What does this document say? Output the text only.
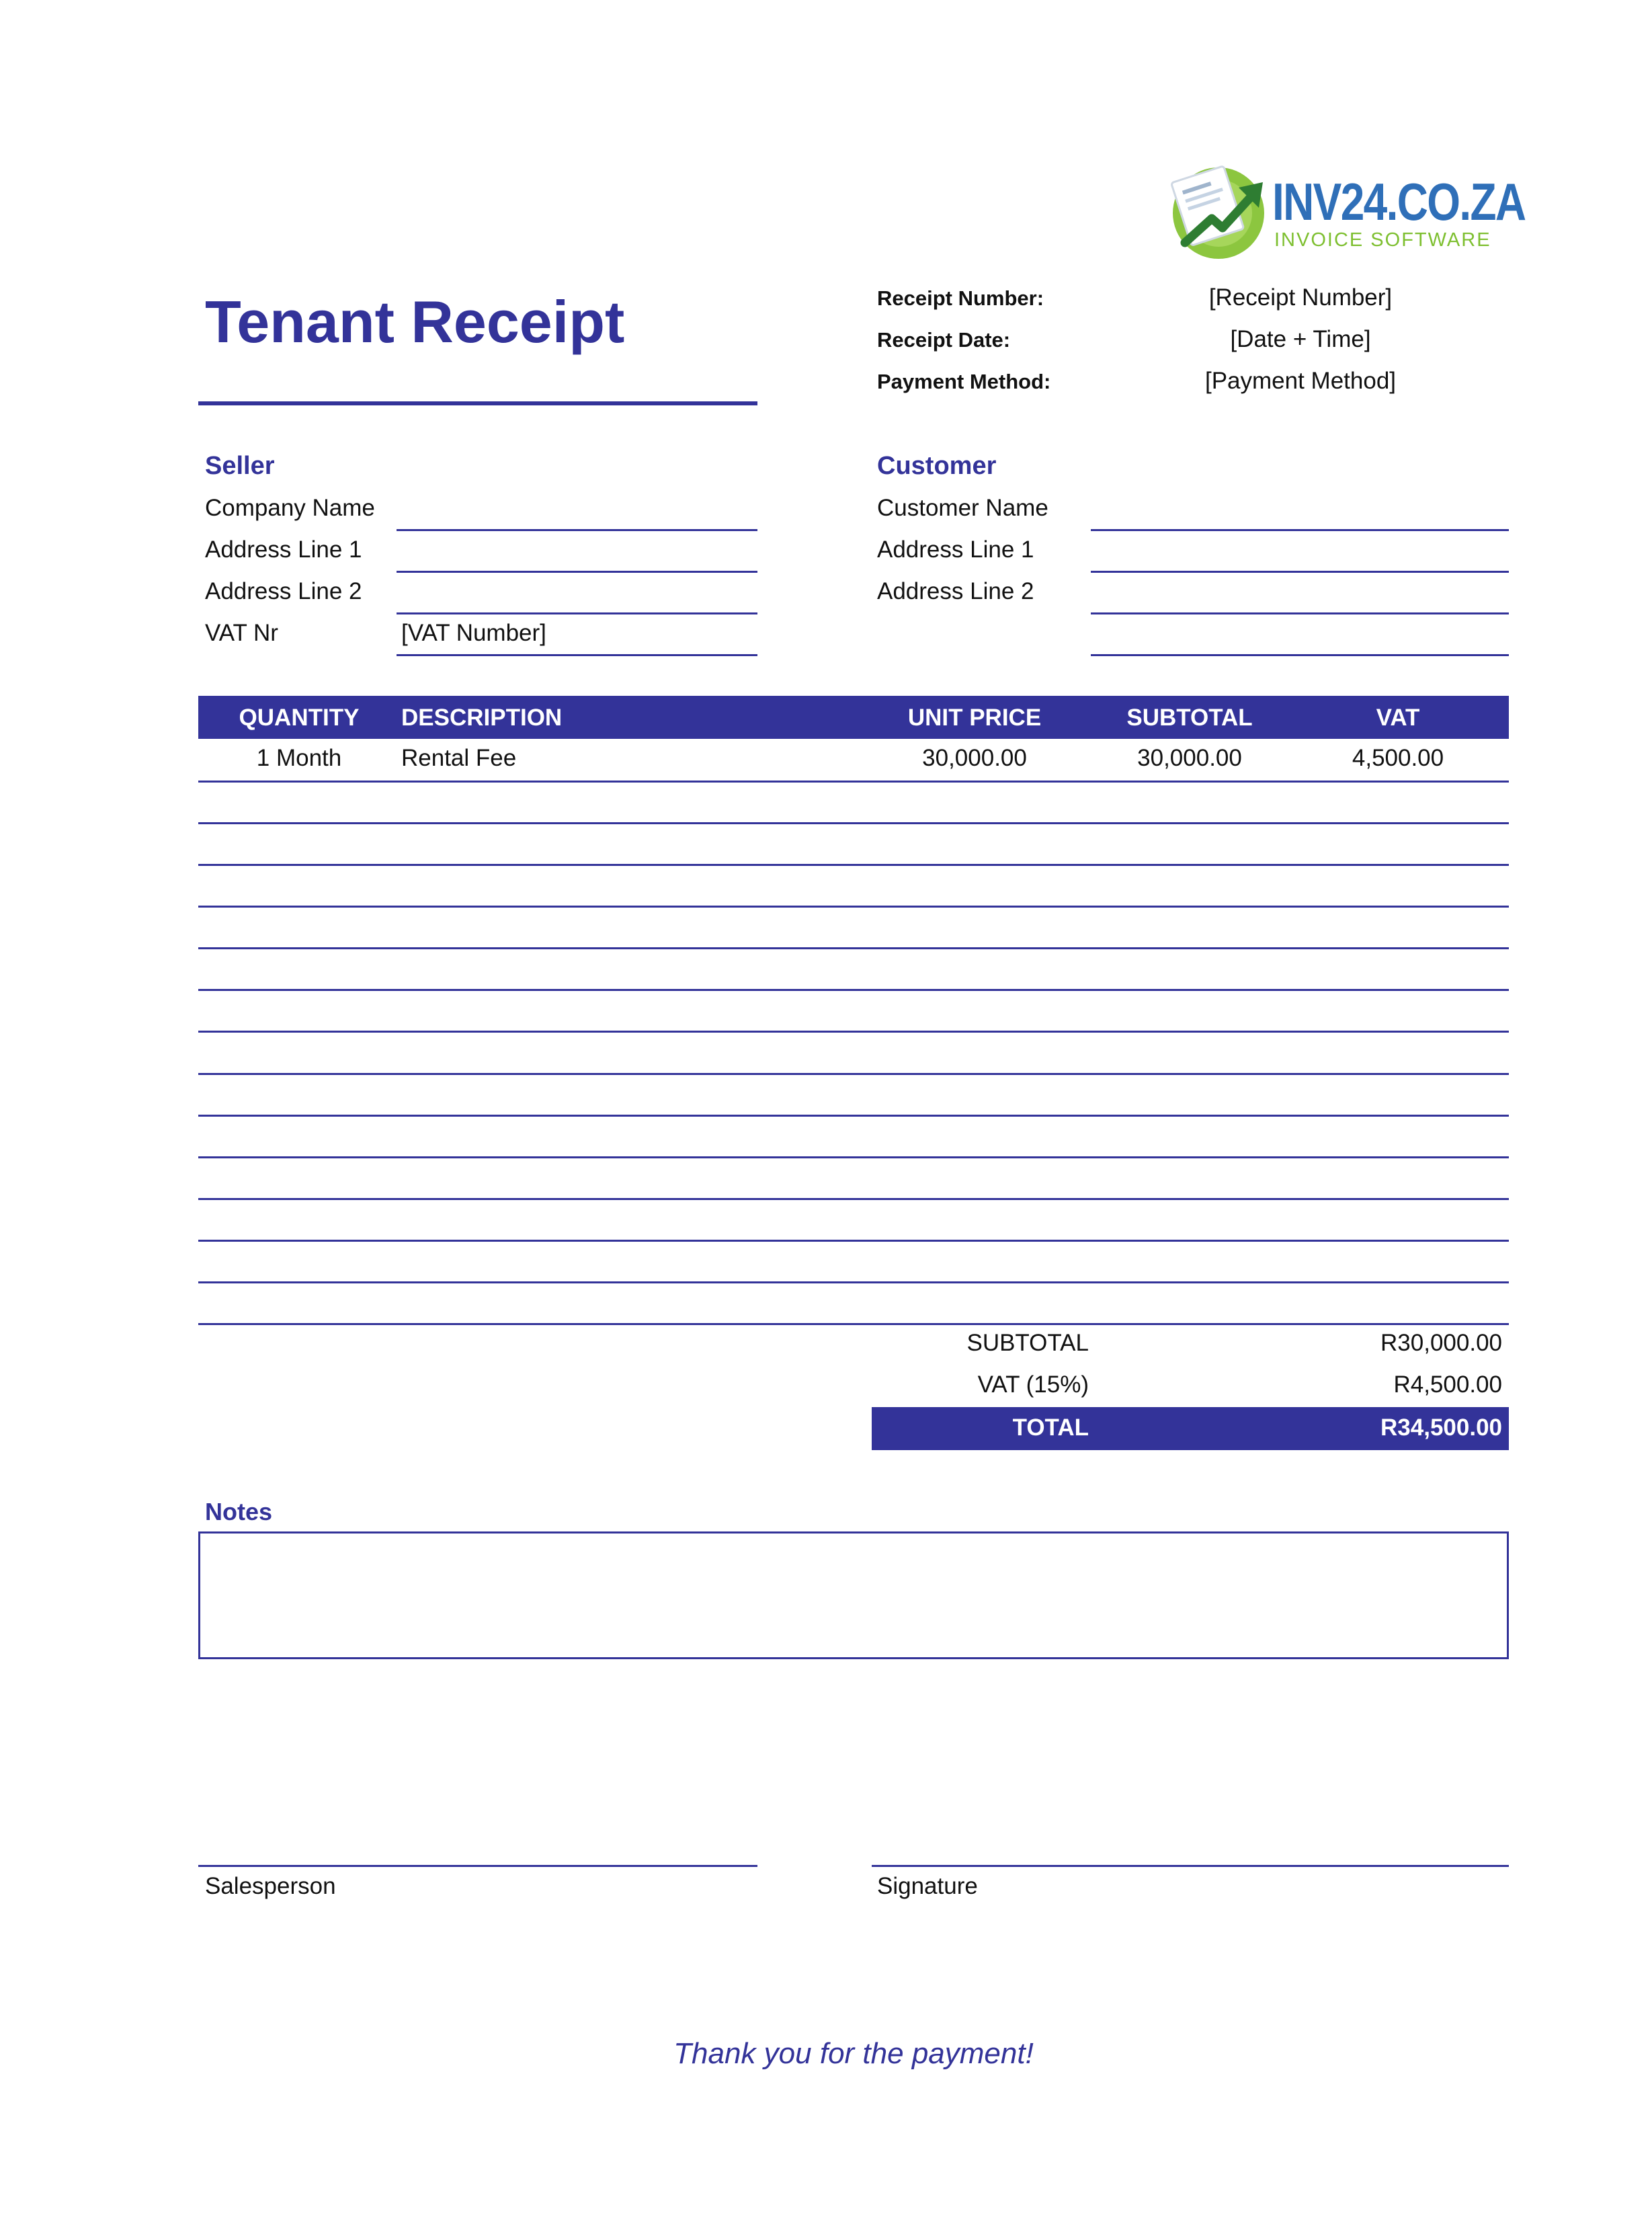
INV24.CO.ZA
INVOICE SOFTWARE
Tenant Receipt	Receipt Number:	[Receipt Number]
Receipt Date:	[Date + Time]
Payment Method:	[Payment Method]
Seller
Company Name
Address Line 1
Address Line 2
VAT Nr	[VAT Number]
Customer
Customer Name
Address Line 1
Address Line 2
QUANTITY	DESCRIPTION	UNIT PRICE	SUBTOTAL	VAT
1 Month	Rental Fee	30,000.00	30,000.00	4,500.00
SUBTOTAL	R30,000.00
VAT (15%)	R4,500.00
TOTAL	R34,500.00
Notes
Salesperson	Signature
Thank you for the payment!
